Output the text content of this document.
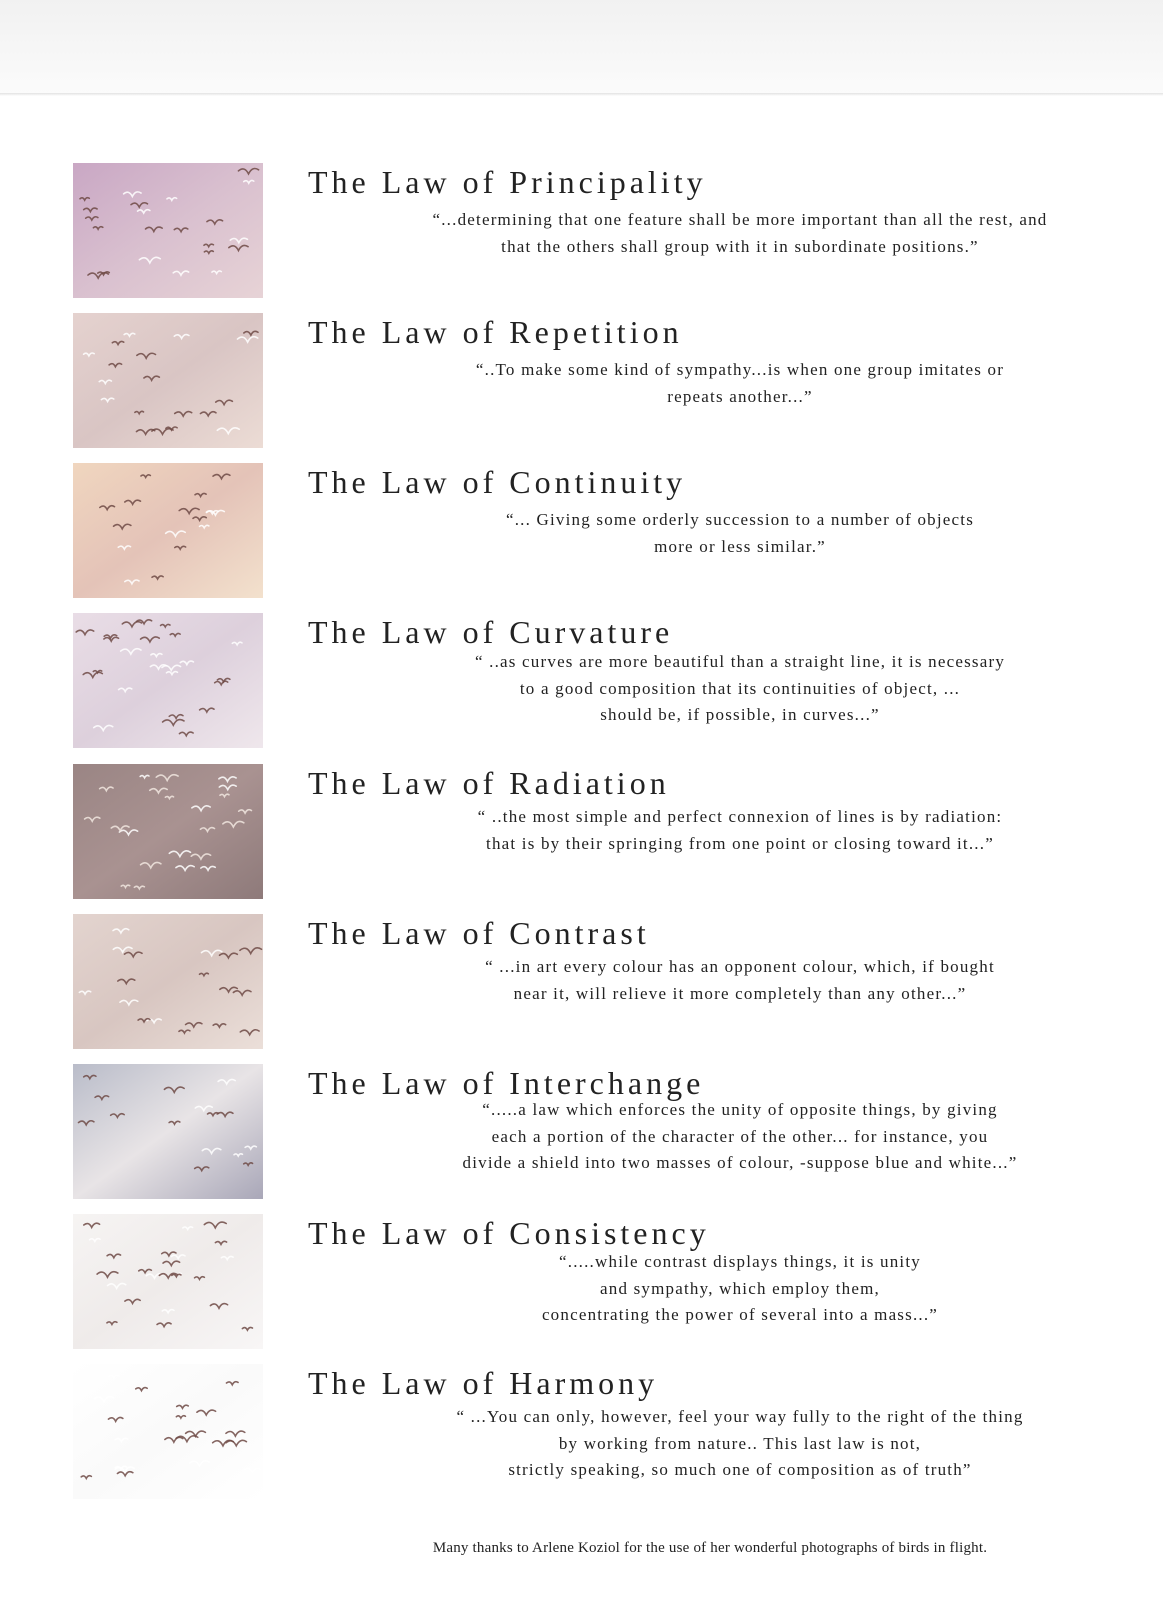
The Law of Principality
“...determining that one feature shall be more important than all the rest, and
that the others shall group with it in subordinate positions.”
The Law of Repetition
“..To make some kind of sympathy...is when one group imitates or
repeats another...”
The Law of Continuity
“... Giving some orderly succession to a number of objects
more or less similar.”
The Law of Curvature
“ ..as curves are more beautiful than a straight line, it is necessary
to a good composition that its continuities of object, ...
should be, if possible, in curves...”
The Law of Radiation
“ ..the most simple and perfect connexion of lines is by radiation:
that is by their springing from one point or closing toward it...”
The Law of Contrast
“ ...in art every colour has an opponent colour, which, if bought
near it, will relieve it more completely than any other...”
The Law of Interchange
“.....a law which enforces the unity of opposite things, by giving
each a portion of the character of the other... for instance, you
divide a shield into two masses of colour, -suppose blue and white...”
The Law of Consistency
“.....while contrast displays things, it is unity
and sympathy, which employ them,
concentrating the power of several into a mass...”
The Law of Harmony
“ ...You can only, however, feel your way fully to the right of the thing
by working from nature.. This last law is not,
strictly speaking, so much one of composition as of truth”
Many thanks to Arlene Koziol for the use of her wonderful photographs of birds in flight.
